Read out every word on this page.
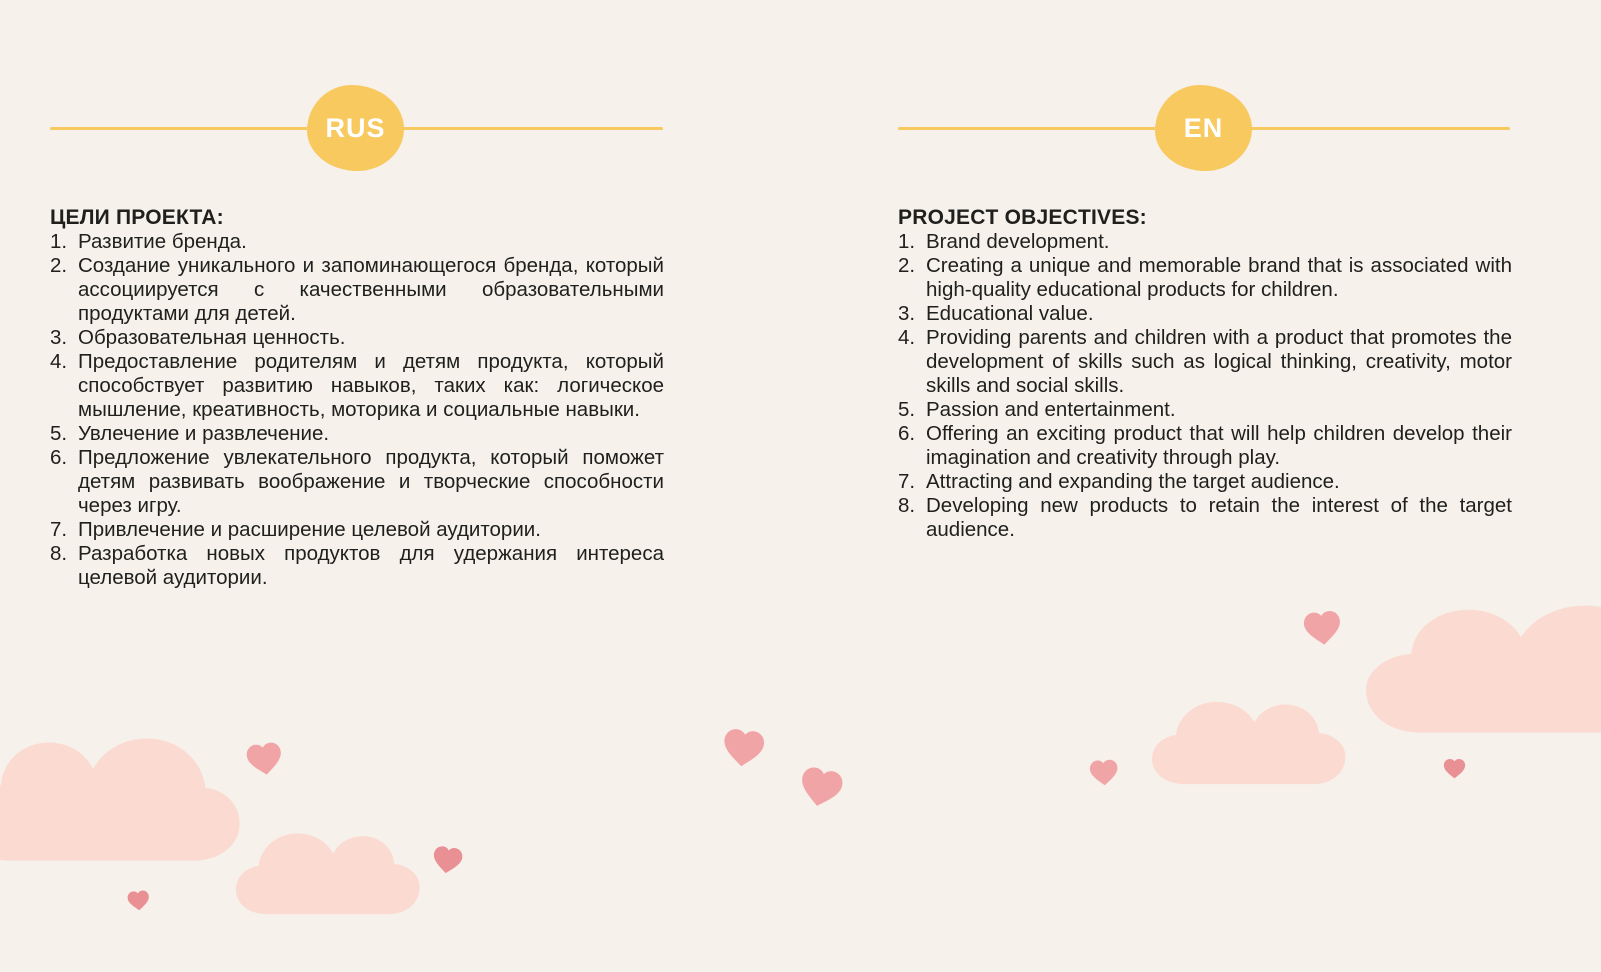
RUS
ЦЕЛИ ПРОЕКТА:
1. Развитие бренда.
2. Создание уникального и запоминающегося бренда, который ассоциируется с качественными образовательными продуктами для детей.
3. Образовательная ценность.
4. Предоставление родителям и детям продукта, который способствует развитию навыков, таких как: логическое мышление, креативность, моторика и социальные навыки.
5. Увлечение и развлечение.
6. Предложение увлекательного продукта, который поможет детям развивать воображение и творческие способности через игру.
7. Привлечение и расширение целевой аудитории.
8. Разработка новых продуктов для удержания интереса целевой аудитории.
EN
PROJECT OBJECTIVES:
1. Brand development.
2. Creating a unique and memorable brand that is associated with high-quality educational products for children.
3. Educational value.
4. Providing parents and children with a product that promotes the development of skills such as logical thinking, creativity, motor skills and social skills.
5. Passion and entertainment.
6. Offering an exciting product that will help children develop their imagination and creativity through play.
7. Attracting and expanding the target audience.
8. Developing new products to retain the interest of the target audience.
